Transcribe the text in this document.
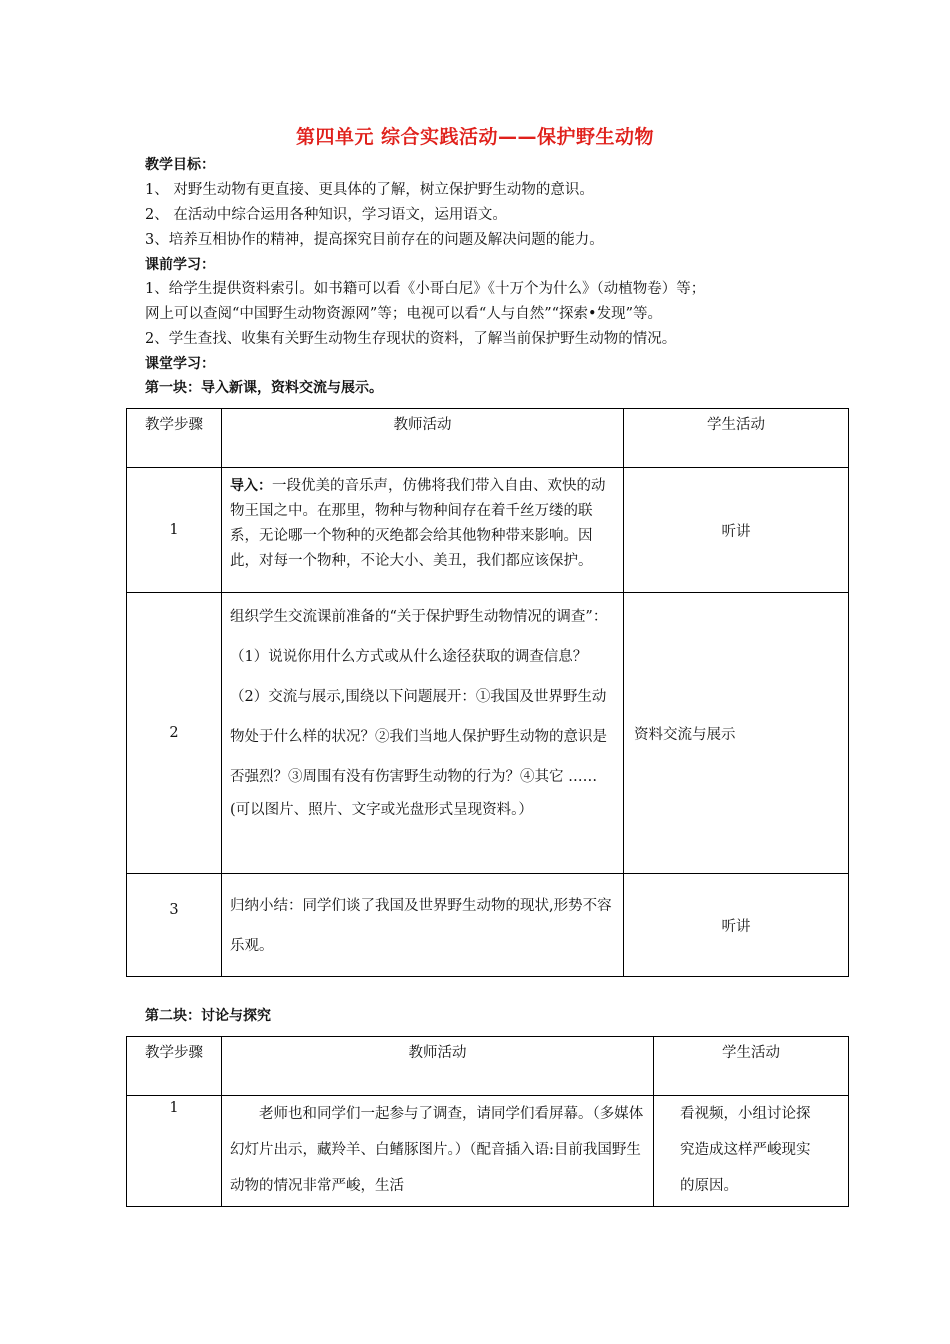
第四单元 综合实践活动——保护野生动物
教学目标：
1、 对野生动物有更直接、更具体的了解，树立保护野生动物的意识。
2、 在活动中综合运用各种知识，学习语文，运用语文。
3、培养互相协作的精神，提高探究目前存在的问题及解决问题的能力。
课前学习：
1、给学生提供资料索引。如书籍可以看《小哥白尼》《十万个为什么》（动植物卷）等；
网上可以查阅“中国野生动物资源网”等；电视可以看“人与自然”“探索•发现”等。
2、学生查找、收集有关野生动物生存现状的资料，了解当前保护野生动物的情况。
课堂学习：
第一块：导入新课，资料交流与展示。
教学步骤	教师活动	学生活动
1	导入：一段优美的音乐声，仿佛将我们带入自由、欢快的动物王国之中。在那里，物种与物种间存在着千丝万缕的联系，无论哪一个物种的灭绝都会给其他物种带来影响。因此，对每一个物种，不论大小、美丑，我们都应该保护。	听讲
2	组织学生交流课前准备的“关于保护野生动物情况的调查”：（1）说说你用什么方式或从什么途径获取的调查信息？（2）交流与展示,围绕以下问题展开：①我国及世界野生动物处于什么样的状况？②我们当地人保护野生动物的意识是否强烈？③周围有没有伤害野生动物的行为？④其它 ……
(可以图片、照片、文字或光盘形式呈现资料。）	资料交流与展示
3	归纳小结：同学们谈了我国及世界野生动物的现状,形势不容乐观。	听讲
第二块：讨论与探究
教学步骤	教师活动	学生活动
1	老师也和同学们一起参与了调查，请同学们看屏幕。（多媒体幻灯片出示，藏羚羊、白鳍豚图片。）（配音插入语:目前我国野生动物的情况非常严峻，生活	看视频，小组讨论探究造成这样严峻现实的原因。
